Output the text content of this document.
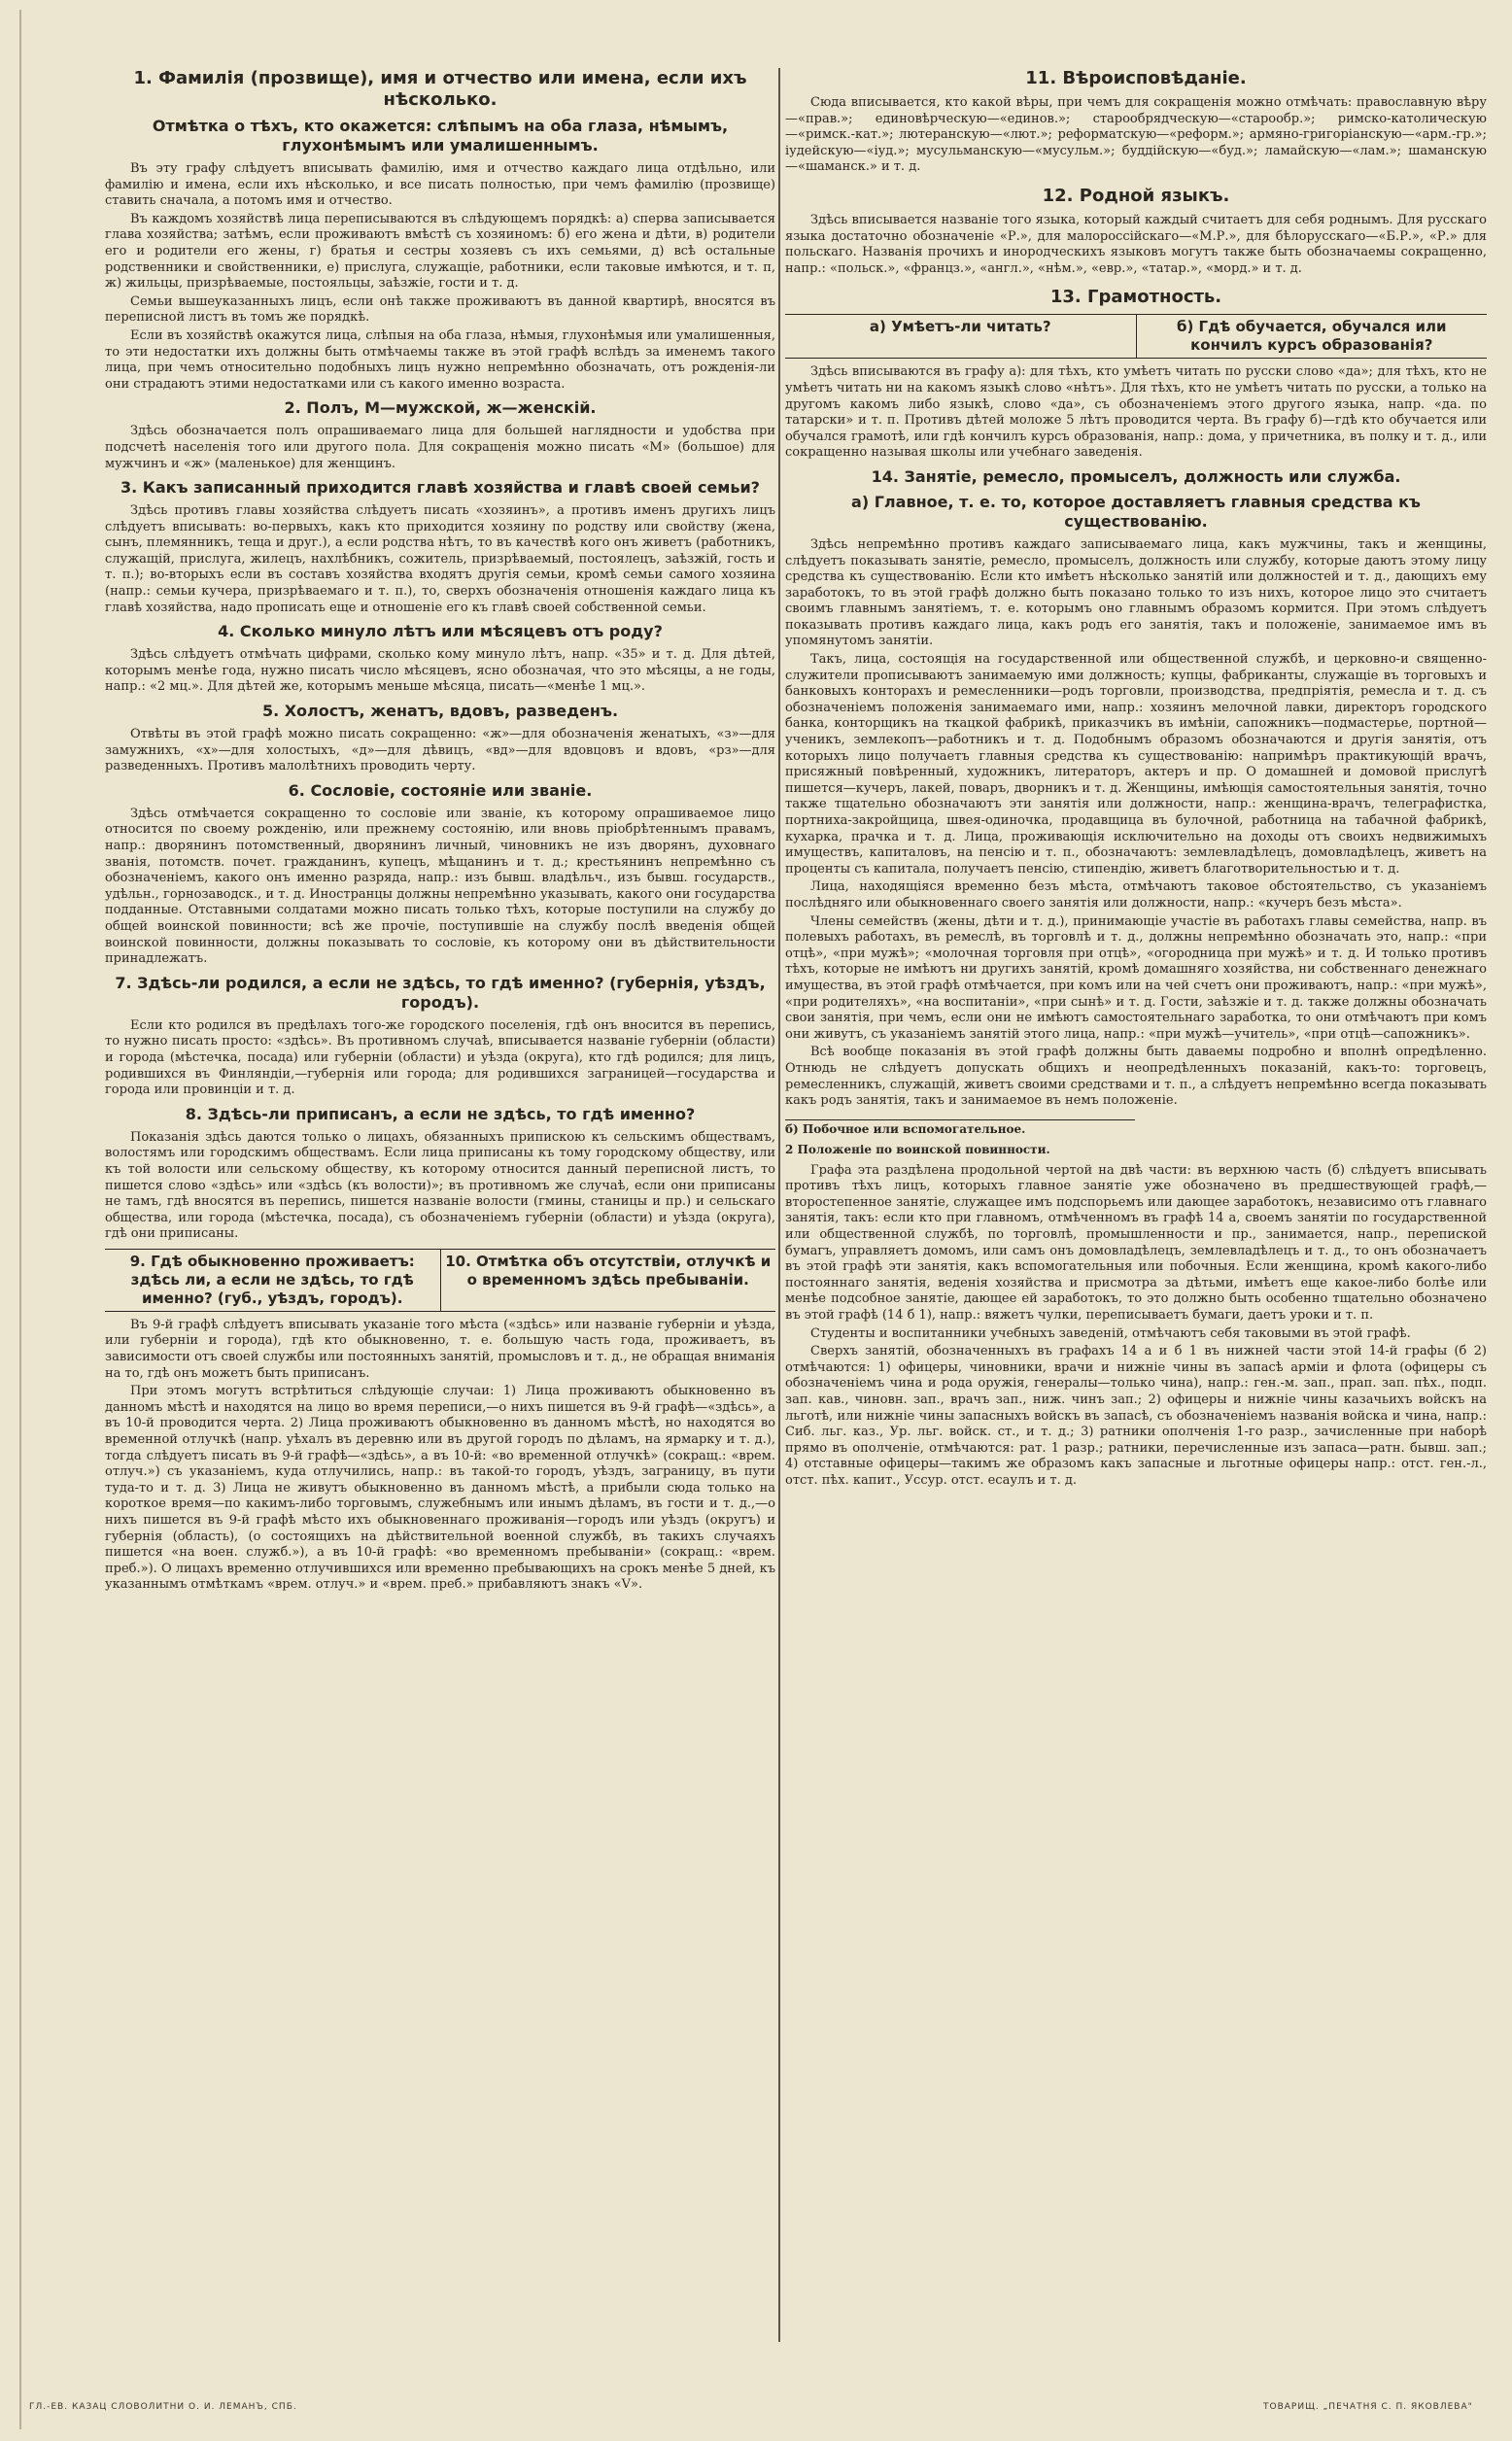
1. Фамилія (прозвище), имя и отчество или имена, если ихъ нѣсколько.
Отмѣтка о тѣхъ, кто окажется: слѣпымъ на оба глаза, нѣмымъ, глухонѣмымъ или умалишеннымъ.

Въ эту графу слѣдуетъ вписывать фамилію, имя и отчество каждаго лица отдѣльно, или фамилію и имена, если ихъ нѣсколько, и все писать полностью, при чемъ фамилію (прозвище) ставить сначала, а потомъ имя и отчество.

Въ каждомъ хозяйствѣ лица переписываются въ слѣдующемъ порядкѣ: а) сперва записывается глава хозяйства; затѣмъ, если проживаютъ вмѣстѣ съ хозяиномъ: б) его жена и дѣти, в) родители его и родители его жены, г) братья и сестры хозяевъ съ ихъ семьями, д) всѣ остальные родственники и свойственники, е) прислуга, служащіе, работники, если таковые имѣются, и т. п, ж) жильцы, призрѣваемые, постояльцы, заѣзжіе, гости и т. д.

Семьи вышеуказанныхъ лицъ, если онѣ также проживаютъ въ данной квартирѣ, вносятся въ переписной листъ въ томъ же порядкѣ.

Если въ хозяйствѣ окажутся лица, слѣпыя на оба глаза, нѣмыя, глухонѣмыя или умалишенныя, то эти недостатки ихъ должны быть отмѣчаемы также въ этой графѣ вслѣдъ за именемъ такого лица, при чемъ относительно подобныхъ лицъ нужно непремѣнно обозначать, отъ рожденія-ли они страдаютъ этими недостатками или съ какого именно возраста.

2. Полъ, М—мужской, ж—женскій.

Здѣсь обозначается полъ опрашиваемаго лица для большей наглядности и удобства при подсчетѣ населенія того или другого пола. Для сокращенія можно писать «М» (большое) для мужчинъ и «ж» (маленькое) для женщинъ.

3. Какъ записанный приходится главѣ хозяйства и главѣ своей семьи?

Здѣсь противъ главы хозяйства слѣдуетъ писать «хозяинъ», а противъ именъ другихъ лицъ слѣдуетъ вписывать: во-первыхъ, какъ кто приходится хозяину по родству или свойству (жена, сынъ, племянникъ, теща и друг.), а если родства нѣтъ, то въ качествѣ кого онъ живетъ (работникъ, служащій, прислуга, жилецъ, нахлѣбникъ, сожитель, призрѣваемый, постоялецъ, заѣзжій, гость и т. п.); во-вторыхъ если въ составъ хозяйства входятъ другія семьи, кромѣ семьи самого хозяина (напр.: семьи кучера, призрѣваемаго и т. п.), то, сверхъ обозначенія отношенія каждаго лица къ главѣ хозяйства, надо прописать еще и отношеніе его къ главѣ своей собственной семьи.

4. Сколько минуло лѣтъ или мѣсяцевъ отъ роду?

Здѣсь слѣдуетъ отмѣчать цифрами, сколько кому минуло лѣтъ, напр. «35» и т. д. Для дѣтей, которымъ менѣе года, нужно писать число мѣсяцевъ, ясно обозначая, что это мѣсяцы, а не годы, напр.: «2 мц.». Для дѣтей же, которымъ меньше мѣсяца, писать—«менѣе 1 мц.».

5. Холостъ, женатъ, вдовъ, разведенъ.

Отвѣты въ этой графѣ можно писать сокращенно: «ж»—для обозначенія женатыхъ, «з»—для замужнихъ, «х»—для холостыхъ, «д»—для дѣвицъ, «вд»—для вдовцовъ и вдовъ, «рз»—для разведенныхъ. Противъ малолѣтнихъ проводить черту.

6. Сословіе, состояніе или званіе.

Здѣсь отмѣчается сокращенно то сословіе или званіе, къ которому опрашиваемое лицо относится по своему рожденію, или прежнему состоянію, или вновь пріобрѣтеннымъ правамъ, напр.: дворянинъ потомственный, дворянинъ личный, чиновникъ не изъ дворянъ, духовнаго званія, потомств. почет. гражданинъ, купецъ, мѣщанинъ и т. д.; крестьянинъ непремѣнно съ обозначеніемъ, какого онъ именно разряда, напр.: изъ бывш. владѣльч., изъ бывш. государств., удѣльн., горнозаводск., и т. д. Иностранцы должны непремѣнно указывать, какого они государства подданные. Отставными солдатами можно писать только тѣхъ, которые поступили на службу до общей воинской повинности; всѣ же прочіе, поступившіе на службу послѣ введенія общей воинской повинности, должны показывать то сословіе, къ которому они въ дѣйствительности принадлежатъ.

7. Здѣсь-ли родился, а если не здѣсь, то гдѣ именно? (губернія, уѣздъ, городъ).

Если кто родился въ предѣлахъ того-же городского поселенія, гдѣ онъ вносится въ перепись, то нужно писать просто: «здѣсь». Въ противномъ случаѣ, вписывается названіе губерніи (области) и города (мѣстечка, посада) или губерніи (области) и уѣзда (округа), кто гдѣ родился; для лицъ, родившихся въ Финляндіи,—губернія или города; для родившихся заграницей—государства и города или провинціи и т. д.

8. Здѣсь-ли приписанъ, а если не здѣсь, то гдѣ именно?

Показанія здѣсь даются только о лицахъ, обязанныхъ припискою къ сельскимъ обществамъ, волостямъ или городскимъ обществамъ. Если лица приписаны къ тому городскому обществу, или къ той волости или сельскому обществу, къ которому относится данный переписной листъ, то пишется слово «здѣсь» или «здѣсь (къ волости)»; въ противномъ же случаѣ, если они приписаны не тамъ, гдѣ вносятся въ перепись, пишется названіе волости (гмины, станицы и пр.) и сельскаго общества, или города (мѣстечка, посада), съ обозначеніемъ губерніи (области) и уѣзда (округа), гдѣ они приписаны.

9. Гдѣ обыкновенно проживаетъ: здѣсь ли, а если не здѣсь, то гдѣ именно? (губ., уѣздъ, городъ).
10. Отмѣтка объ отсутствіи, отлучкѣ и о временномъ здѣсь пребываніи.

Въ 9-й графѣ слѣдуетъ вписывать указаніе того мѣста («здѣсь» или названіе губерніи и уѣзда, или губерніи и города), гдѣ кто обыкновенно, т. е. большую часть года, проживаетъ, въ зависимости отъ своей службы или постоянныхъ занятій, промысловъ и т. д., не обращая вниманія на то, гдѣ онъ можетъ быть приписанъ.

При этомъ могутъ встрѣтиться слѣдующіе случаи: 1) Лица проживаютъ обыкновенно въ данномъ мѣстѣ и находятся на лицо во время переписи,—о нихъ пишется въ 9-й графѣ—«здѣсь», а въ 10-й проводится черта. 2) Лица проживаютъ обыкновенно въ данномъ мѣстѣ, но находятся во временной отлучкѣ (напр. уѣхалъ въ деревню или въ другой городъ по дѣламъ, на ярмарку и т. д.), тогда слѣдуетъ писать въ 9-й графѣ—«здѣсь», а въ 10-й: «во временной отлучкѣ» (сокращ.: «врем. отлуч.») съ указаніемъ, куда отлучились, напр.: въ такой-то городъ, уѣздъ, заграницу, въ пути туда-то и т. д. 3) Лица не живутъ обыкновенно въ данномъ мѣстѣ, а прибыли сюда только на короткое время—по какимъ-либо торговымъ, служебнымъ или инымъ дѣламъ, въ гости и т. д.,—о нихъ пишется въ 9-й графѣ мѣсто ихъ обыкновеннаго проживанія—городъ или уѣздъ (округъ) и губернія (область), (о состоящихъ на дѣйствительной военной службѣ, въ такихъ случаяхъ пишется «на воен. служб.»), а въ 10-й графѣ: «во временномъ пребываніи» (сокращ.: «врем. преб.»). О лицахъ временно отлучившихся или временно пребывающихъ на срокъ менѣе 5 дней, къ указаннымъ отмѣткамъ «врем. отлуч.» и «врем. преб.» прибавляютъ знакъ «V».

11. Вѣроисповѣданіе.

Сюда вписывается, кто какой вѣры, при чемъ для сокращенія можно отмѣчать: православную вѣру—«прав.»; единовѣрческую—«единов.»; старообрядческую—«старообр.»; римско-католическую—«римск.-кат.»; лютеранскую—«лют.»; реформатскую—«реформ.»; армяно-григоріанскую—«арм.-гр.»; іудейскую—«іуд.»; мусульманскую—«мусульм.»; буддійскую—«буд.»; ламайскую—«лам.»; шаманскую—«шаманск.» и т. д.

12. Родной языкъ.

Здѣсь вписывается названіе того языка, который каждый считаетъ для себя роднымъ. Для русскаго языка достаточно обозначеніе «Р.», для малороссійскаго—«М.Р.», для бѣлорусскаго—«Б.Р.», «Р.» для польскаго. Названія прочихъ и инородческихъ языковъ могутъ также быть обозначаемы сокращенно, напр.: «польск.», «францз.», «англ.», «нѣм.», «евр.», «татар.», «морд.» и т. д.

13. Грамотность.
а) Умѣетъ-ли читать?	б) Гдѣ обучается, обучался или кончилъ курсъ образованія?

Здѣсь вписываются въ графу а): для тѣхъ, кто умѣетъ читать по русски слово «да»; для тѣхъ, кто не умѣетъ читать ни на какомъ языкѣ слово «нѣтъ». Для тѣхъ, кто не умѣетъ читать по русски, а только на другомъ какомъ либо языкѣ, слово «да», съ обозначеніемъ этого другого языка, напр. «да. по татарски» и т. п. Противъ дѣтей моложе 5 лѣтъ проводится черта. Въ графу б)—гдѣ кто обучается или обучался грамотѣ, или гдѣ кончилъ курсъ образованія, напр.: дома, у причетника, въ полку и т. д., или сокращенно называя школы или учебнаго заведенія.

14. Занятіе, ремесло, промыселъ, должность или служба.
а) Главное, т. е. то, которое доставляетъ главныя средства къ существованію.

Здѣсь непремѣнно противъ каждаго записываемаго лица, какъ мужчины, такъ и женщины, слѣдуетъ показывать занятіе, ремесло, промыселъ, должность или службу, которые даютъ этому лицу средства къ существованію. Если кто имѣетъ нѣсколько занятій или должностей и т. д., дающихъ ему заработокъ, то въ этой графѣ должно быть показано только то изъ нихъ, которое лицо это считаетъ своимъ главнымъ занятіемъ, т. е. которымъ оно главнымъ образомъ кормится. При этомъ слѣдуетъ показывать противъ каждаго лица, какъ родъ его занятія, такъ и положеніе, занимаемое имъ въ упомянутомъ занятіи.

Такъ, лица, состоящія на государственной или общественной службѣ, и церковно-и священно-служители прописываютъ занимаемую ими должность; купцы, фабриканты, служащіе въ торговыхъ и банковыхъ конторахъ и ремесленники—родъ торговли, производства, предпріятія, ремесла и т. д. съ обозначеніемъ положенія занимаемаго ими, напр.: хозяинъ мелочной лавки, директоръ городского банка, конторщикъ на ткацкой фабрикѣ, приказчикъ въ имѣніи, сапожникъ—подмастерье, портной—ученикъ, землекопъ—работникъ и т. д. Подобнымъ образомъ обозначаются и другія занятія, отъ которыхъ лицо получаетъ главныя средства къ существованію: напримѣръ практикующій врачъ, присяжный повѣренный, художникъ, литераторъ, актеръ и пр. О домашней и домовой прислугѣ пишется—кучеръ, лакей, поваръ, дворникъ и т. д. Женщины, имѣющія самостоятельныя занятія, точно также тщательно обозначаютъ эти занятія или должности, напр.: женщина-врачъ, телеграфистка, портниха-закройщица, швея-одиночка, продавщица въ булочной, работница на табачной фабрикѣ, кухарка, прачка и т. д. Лица, проживающія исключительно на доходы отъ своихъ недвижимыхъ имуществъ, капиталовъ, на пенсію и т. п., обозначаютъ: землевладѣлецъ, домовладѣлецъ, живетъ на проценты съ капитала, получаетъ пенсію, стипендію, живетъ благотворительностью и т. д.

Лица, находящіяся временно безъ мѣста, отмѣчаютъ таковое обстоятельство, съ указаніемъ послѣдняго или обыкновеннаго своего занятія или должности, напр.: «кучеръ безъ мѣста».

Члены семействъ (жены, дѣти и т. д.), принимающіе участіе въ работахъ главы семейства, напр. въ полевыхъ работахъ, въ ремеслѣ, въ торговлѣ и т. д., должны непремѣнно обозначать это, напр.: «при отцѣ», «при мужѣ»; «молочная торговля при отцѣ», «огородница при мужѣ» и т. д. И только противъ тѣхъ, которые не имѣютъ ни другихъ занятій, кромѣ домашняго хозяйства, ни собственнаго денежнаго имущества, въ этой графѣ отмѣчается, при комъ или на чей счетъ они проживаютъ, напр.: «при мужѣ», «при родителяхъ», «на воспитаніи», «при сынѣ» и т. д. Гости, заѣзжіе и т. д. также должны обозначать свои занятія, при чемъ, если они не имѣютъ самостоятельнаго заработка, то они отмѣчаютъ при комъ они живутъ, съ указаніемъ занятій этого лица, напр.: «при мужѣ—учитель», «при отцѣ—сапожникъ».

Всѣ вообще показанія въ этой графѣ должны быть даваемы подробно и вполнѣ опредѣленно. Отнюдь не слѣдуетъ допускать общихъ и неопредѣленныхъ показаній, какъ-то: торговецъ, ремесленникъ, служащій, живетъ своими средствами и т. п., а слѣдуетъ непремѣнно всегда показывать какъ родъ занятія, такъ и занимаемое въ немъ положеніе.

б) Побочное или вспомогательное.
2 Положеніе по воинской повинности.

Графа эта раздѣлена продольной чертой на двѣ части: въ верхнюю часть (б) слѣдуетъ вписывать противъ тѣхъ лицъ, которыхъ главное занятіе уже обозначено въ предшествующей графѣ,—второстепенное занятіе, служащее имъ подспорьемъ или дающее заработокъ, независимо отъ главнаго занятія, такъ: если кто при главномъ, отмѣченномъ въ графѣ 14 а, своемъ занятіи по государственной или общественной службѣ, по торговлѣ, промышленности и пр., занимается, напр., перепиской бумагъ, управляетъ домомъ, или самъ онъ домовладѣлецъ, землевладѣлецъ и т. д., то онъ обозначаетъ въ этой графѣ эти занятія, какъ вспомогательныя или побочныя. Если женщина, кромѣ какого-либо постояннаго занятія, веденія хозяйства и присмотра за дѣтьми, имѣетъ еще какое-либо болѣе или менѣе подсобное занятіе, дающее ей заработокъ, то это должно быть особенно тщательно обозначено въ этой графѣ (14 б 1), напр.: вяжетъ чулки, переписываетъ бумаги, даетъ уроки и т. п.

Студенты и воспитанники учебныхъ заведеній, отмѣчаютъ себя таковыми въ этой графѣ.

Сверхъ занятій, обозначенныхъ въ графахъ 14 а и б 1 въ нижней части этой 14-й графы (б 2) отмѣчаются: 1) офицеры, чиновники, врачи и нижніе чины въ запасѣ арміи и флота (офицеры съ обозначеніемъ чина и рода оружія, генералы—только чина), напр.: ген.-м. зап., прап. зап. пѣх., подп. зап. кав., чиновн. зап., врачъ зап., ниж. чинъ зап.; 2) офицеры и нижніе чины казачьихъ войскъ на льготѣ, или нижніе чины запасныхъ войскъ въ запасѣ, съ обозначеніемъ названія войска и чина, напр.: Сиб. льг. каз., Ур. льг. войск. ст., и т. д.; 3) ратники ополченія 1-го разр., зачисленные при наборѣ прямо въ ополченіе, отмѣчаются: рат. 1 разр.; ратники, перечисленные изъ запаса—ратн. бывш. зап.; 4) отставные офицеры—такимъ же образомъ какъ запасные и льготные офицеры напр.: отст. ген.-л., отст. пѣх. капит., Уссур. отст. есаулъ и т. д.

ГЛ.-ЕВ. КАЗАЦ СЛОВОЛИТНИ О. И. ЛЕМАНЪ, СПБ.	ТОВАРИЩ. „ПЕЧАТНЯ С. П. ЯКОВЛЕВА"
